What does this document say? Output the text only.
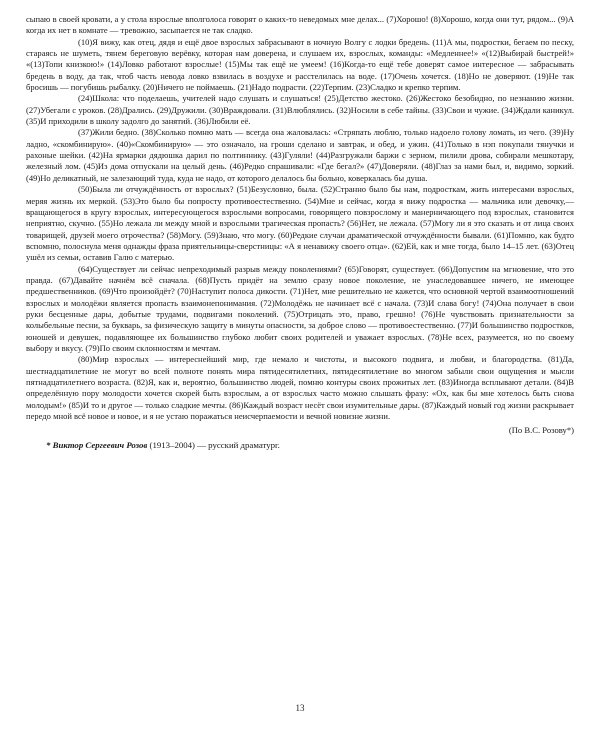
сыпаю в своей кровати, а у стола взрослые вполголоса говорят о каких-то неведомых мне делах... (7)Хорошо! (8)Хорошо, когда они тут, рядом... (9)А когда их нет в комнате — тревожно, засыпается не так сладко.

(10)Я вижу, как отец, дядя и ещё двое взрослых забрасывают в ночную Волгу с лодки бредень. (11)А мы, подростки, бегаем по песку, стараясь не шуметь, тянем береговую верёвку, которая нам доверена, и слушаем их, взрослых, команды: «Медленнее!» «(12)Выбирай быстрей!» «(13)Топи книзкою!» (14)Ловко работают взрослые! (15)Мы так ещё не умеем! (16)Когда-то ещё тебе доверят самое интересное — забрасывать бредень в воду, да так, чтоб часть невода ловко взвилась в воздухе и расстелилась на воде. (17)Очень хочется. (18)Но не доверяют. (19)Не так бросишь — погубишь рыбалку. (20)Ничего не поймаешь. (21)Надо подрасти. (22)Терпим. (23)Сладко и крепко терпим.

(24)Школа: что поделаешь, учителей надо слушать и слушаться! (25)Детство жестоко. (26)Жестоко безобидно, по незнанию жизни. (27)Убегали с уроков. (28)Дрались. (29)Дружили. (30)Враждовали. (31)Влюблялись. (32)Носили в себе тайны. (33)Свои и чужие. (34)Ждали каникул. (35)И приходили в школу задолго до занятий. (36)Любили её.

(37)Жили бедно. (38)Сколько помню мать — всегда она жаловалась: «Стряпать люблю, только надоело голову ломать, из чего. (39)Ну ладно, «скомбинирую». (40)«Скомбинирую» — это означало, на гроши сделано и завтрак, и обед, и ужин. (41)Только в нэп покупали тянучки и рахоные шейки. (42)На ярмарки дядюшка дарил по полтиннику. (43)Гуляли! (44)Разгружали баржи с зерном, пилили дрова, собирали мешкотару, железный лом. (45)Из дома отпускали на целый день. (46)Редко спрашивали: «Где бегал?» (47)Доверяли. (48)Глаз за нами был, и, видимо, зоркий. (49)Но деликатный, не залезающий туда, куда не надо, от которого делалось бы больно, коверкалась бы душа.

(50)Была ли отчуждённость от взрослых? (51)Безусловно, была. (52)Странно было бы нам, подросткам, жить интересами взрослых, меряя жизнь их меркой. (53)Это было бы попросту противоестественно. (54)Мне и сейчас, когда я вижу подростка — мальчика или девочку,— вращающегося в кругу взрослых, интересующегося взрослыми вопросами, говорящего повзрослому и манерничающего под взрослых, становится неприятно, скучно. (55)Но лежала ли между мной и взрослыми трагическая пропасть? (56)Нет, не лежала. (57)Могу ли я это сказать и от лица своих товарищей, друзей моего отрочества? (58)Могу. (59)Знаю, что могу. (60)Редкие случаи драматической отчуждённости бывали. (61)Помню, как будто вспомню, полоснула меня однажды фраза приятельницы-сверстницы: «А я ненавижу своего отца». (62)Ей, как и мне тогда, было 14–15 лет. (63)Отец ушёл из семьи, оставив Галю с матерью.

(64)Существует ли сейчас непреходимый разрыв между поколениями? (65)Говорят, существует. (66)Допустим на мгновение, что это правда. (67)Давайте начнём всё сначала. (68)Пусть придёт на землю сразу новое поколение, не унаследовавшее ничего, не имеющее предшественников. (69)Что произойдёт? (70)Наступит полоса дикости. (71)Нет, мне решительно не кажется, что основной чертой взаимоотношений взрослых и молодёжи является пропасть взаимонепонимания. (72)Молодёжь не начинает всё с начала. (73)И слава богу! (74)Она получает в свои руки бесценные дары, добытые трудами, подвигами поколений. (75)Отрицать это, право, грешно! (76)Не чувствовать признательности за колыбельные песни, за букварь, за физическую защиту в минуты опасности, за доброе слово — противоестественно. (77)И большинство подростков, юношей и девушек, подавляющее их большинство глубоко любит своих родителей и уважает взрослых. (78)Не всех, разумеется, но по своему выбору и вкусу. (79)По своим склонностям и мечтам.

(80)Мир взрослых — интереснейший мир, где немало и чистоты, и высокого подвига, и любви, и благородства. (81)Да, шестнадцатилетние не могут во всей полноте понять мира пятидесятилетних, пятидесятилетние во многом забыли свои ощущения и мысли пятнадцатилетнего возраста. (82)Я, как и, вероятно, большинство людей, помню контуры своих прожитых лет. (83)Иногда всплывают детали. (84)В определённую пору молодости хочется скорей быть взрослым, а от взрослых часто можно слышать фразу: «Ох, как бы мне хотелось быть снова молодым!» (85)И то и другое — только сладкие мечты. (86)Каждый возраст несёт свои изумительные дары. (87)Каждый новый год жизни раскрывает передо мной всё новое и новое, и я не устаю поражаться неисчерпаемости и вечной новизне жизни.

(По В.С. Розову*)
* Виктор Сергеевич Розов (1913–2004) — русский драматург.
13
